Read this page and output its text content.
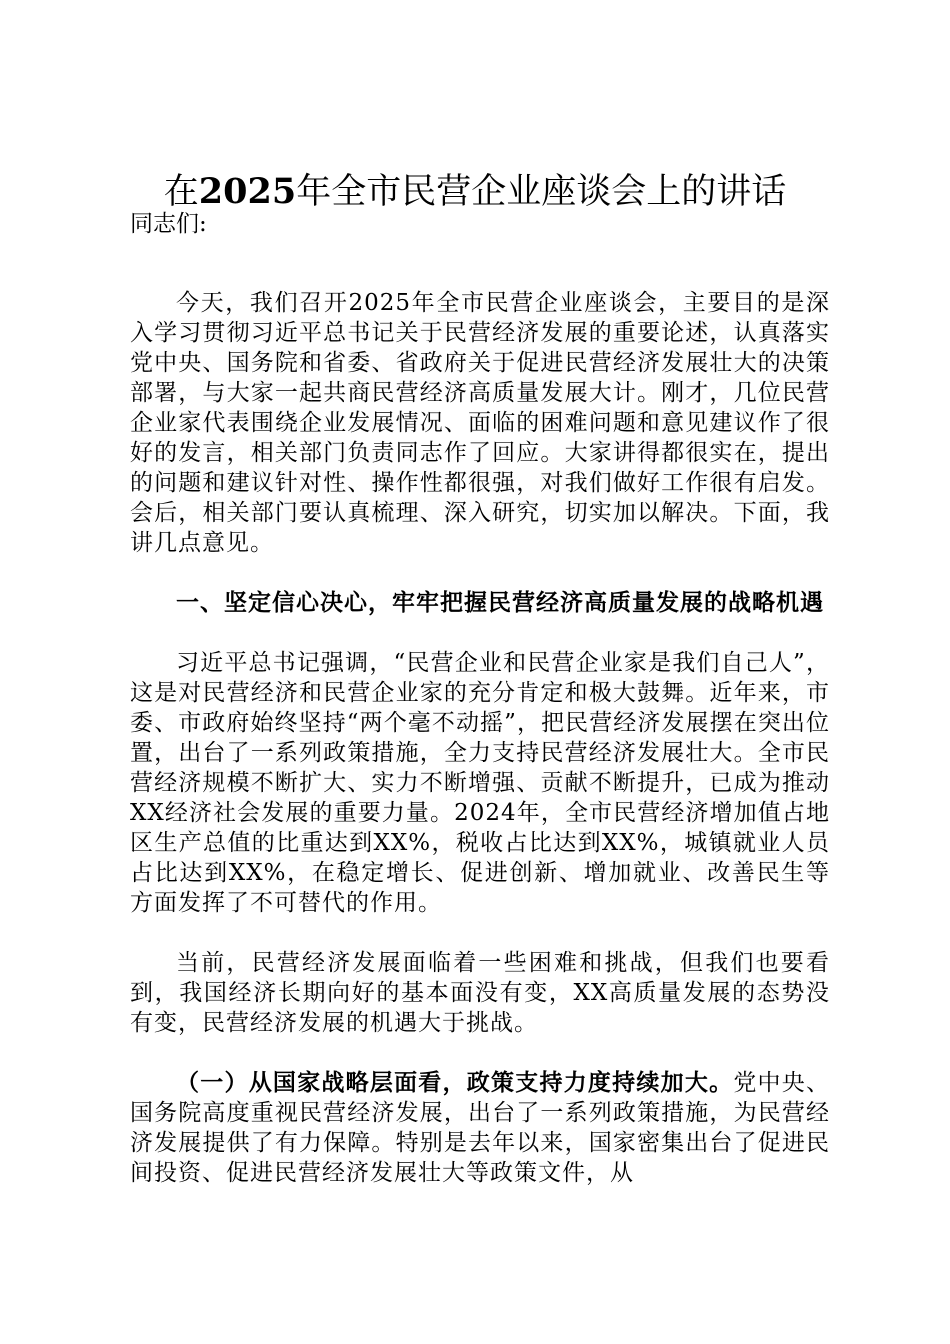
在2025年全市民营企业座谈会上的讲话
同志们:

今天，我们召开2025年全市民营企业座谈会，主要目的是深入学习贯彻习近平总书记关于民营经济发展的重要论述，认真落实党中央、国务院和省委、省政府关于促进民营经济发展壮大的决策部署，与大家一起共商民营经济高质量发展大计。刚才，几位民营企业家代表围绕企业发展情况、面临的困难问题和意见建议作了很好的发言，相关部门负责同志作了回应。大家讲得都很实在，提出的问题和建议针对性、操作性都很强，对我们做好工作很有启发。会后，相关部门要认真梳理、深入研究，切实加以解决。下面，我讲几点意见。

一、坚定信心决心，牢牢把握民营经济高质量发展的战略机遇

习近平总书记强调，“民营企业和民营企业家是我们自己人”，这是对民营经济和民营企业家的充分肯定和极大鼓舞。近年来，市委、市政府始终坚持“两个毫不动摇”，把民营经济发展摆在突出位置，出台了一系列政策措施，全力支持民营经济发展壮大。全市民营经济规模不断扩大、实力不断增强、贡献不断提升，已成为推动XX经济社会发展的重要力量。2024年，全市民营经济增加值占地区生产总值的比重达到XX%，税收占比达到XX%，城镇就业人员占比达到XX%，在稳定增长、促进创新、增加就业、改善民生等方面发挥了不可替代的作用。

当前，民营经济发展面临着一些困难和挑战，但我们也要看到，我国经济长期向好的基本面没有变，XX高质量发展的态势没有变，民营经济发展的机遇大于挑战。

（一）从国家战略层面看，政策支持力度持续加大。党中央、国务院高度重视民营经济发展，出台了一系列政策措施，为民营经济发展提供了有力保障。特别是去年以来，国家密集出台了促进民间投资、促进民营经济发展壮大等政策文件，从
